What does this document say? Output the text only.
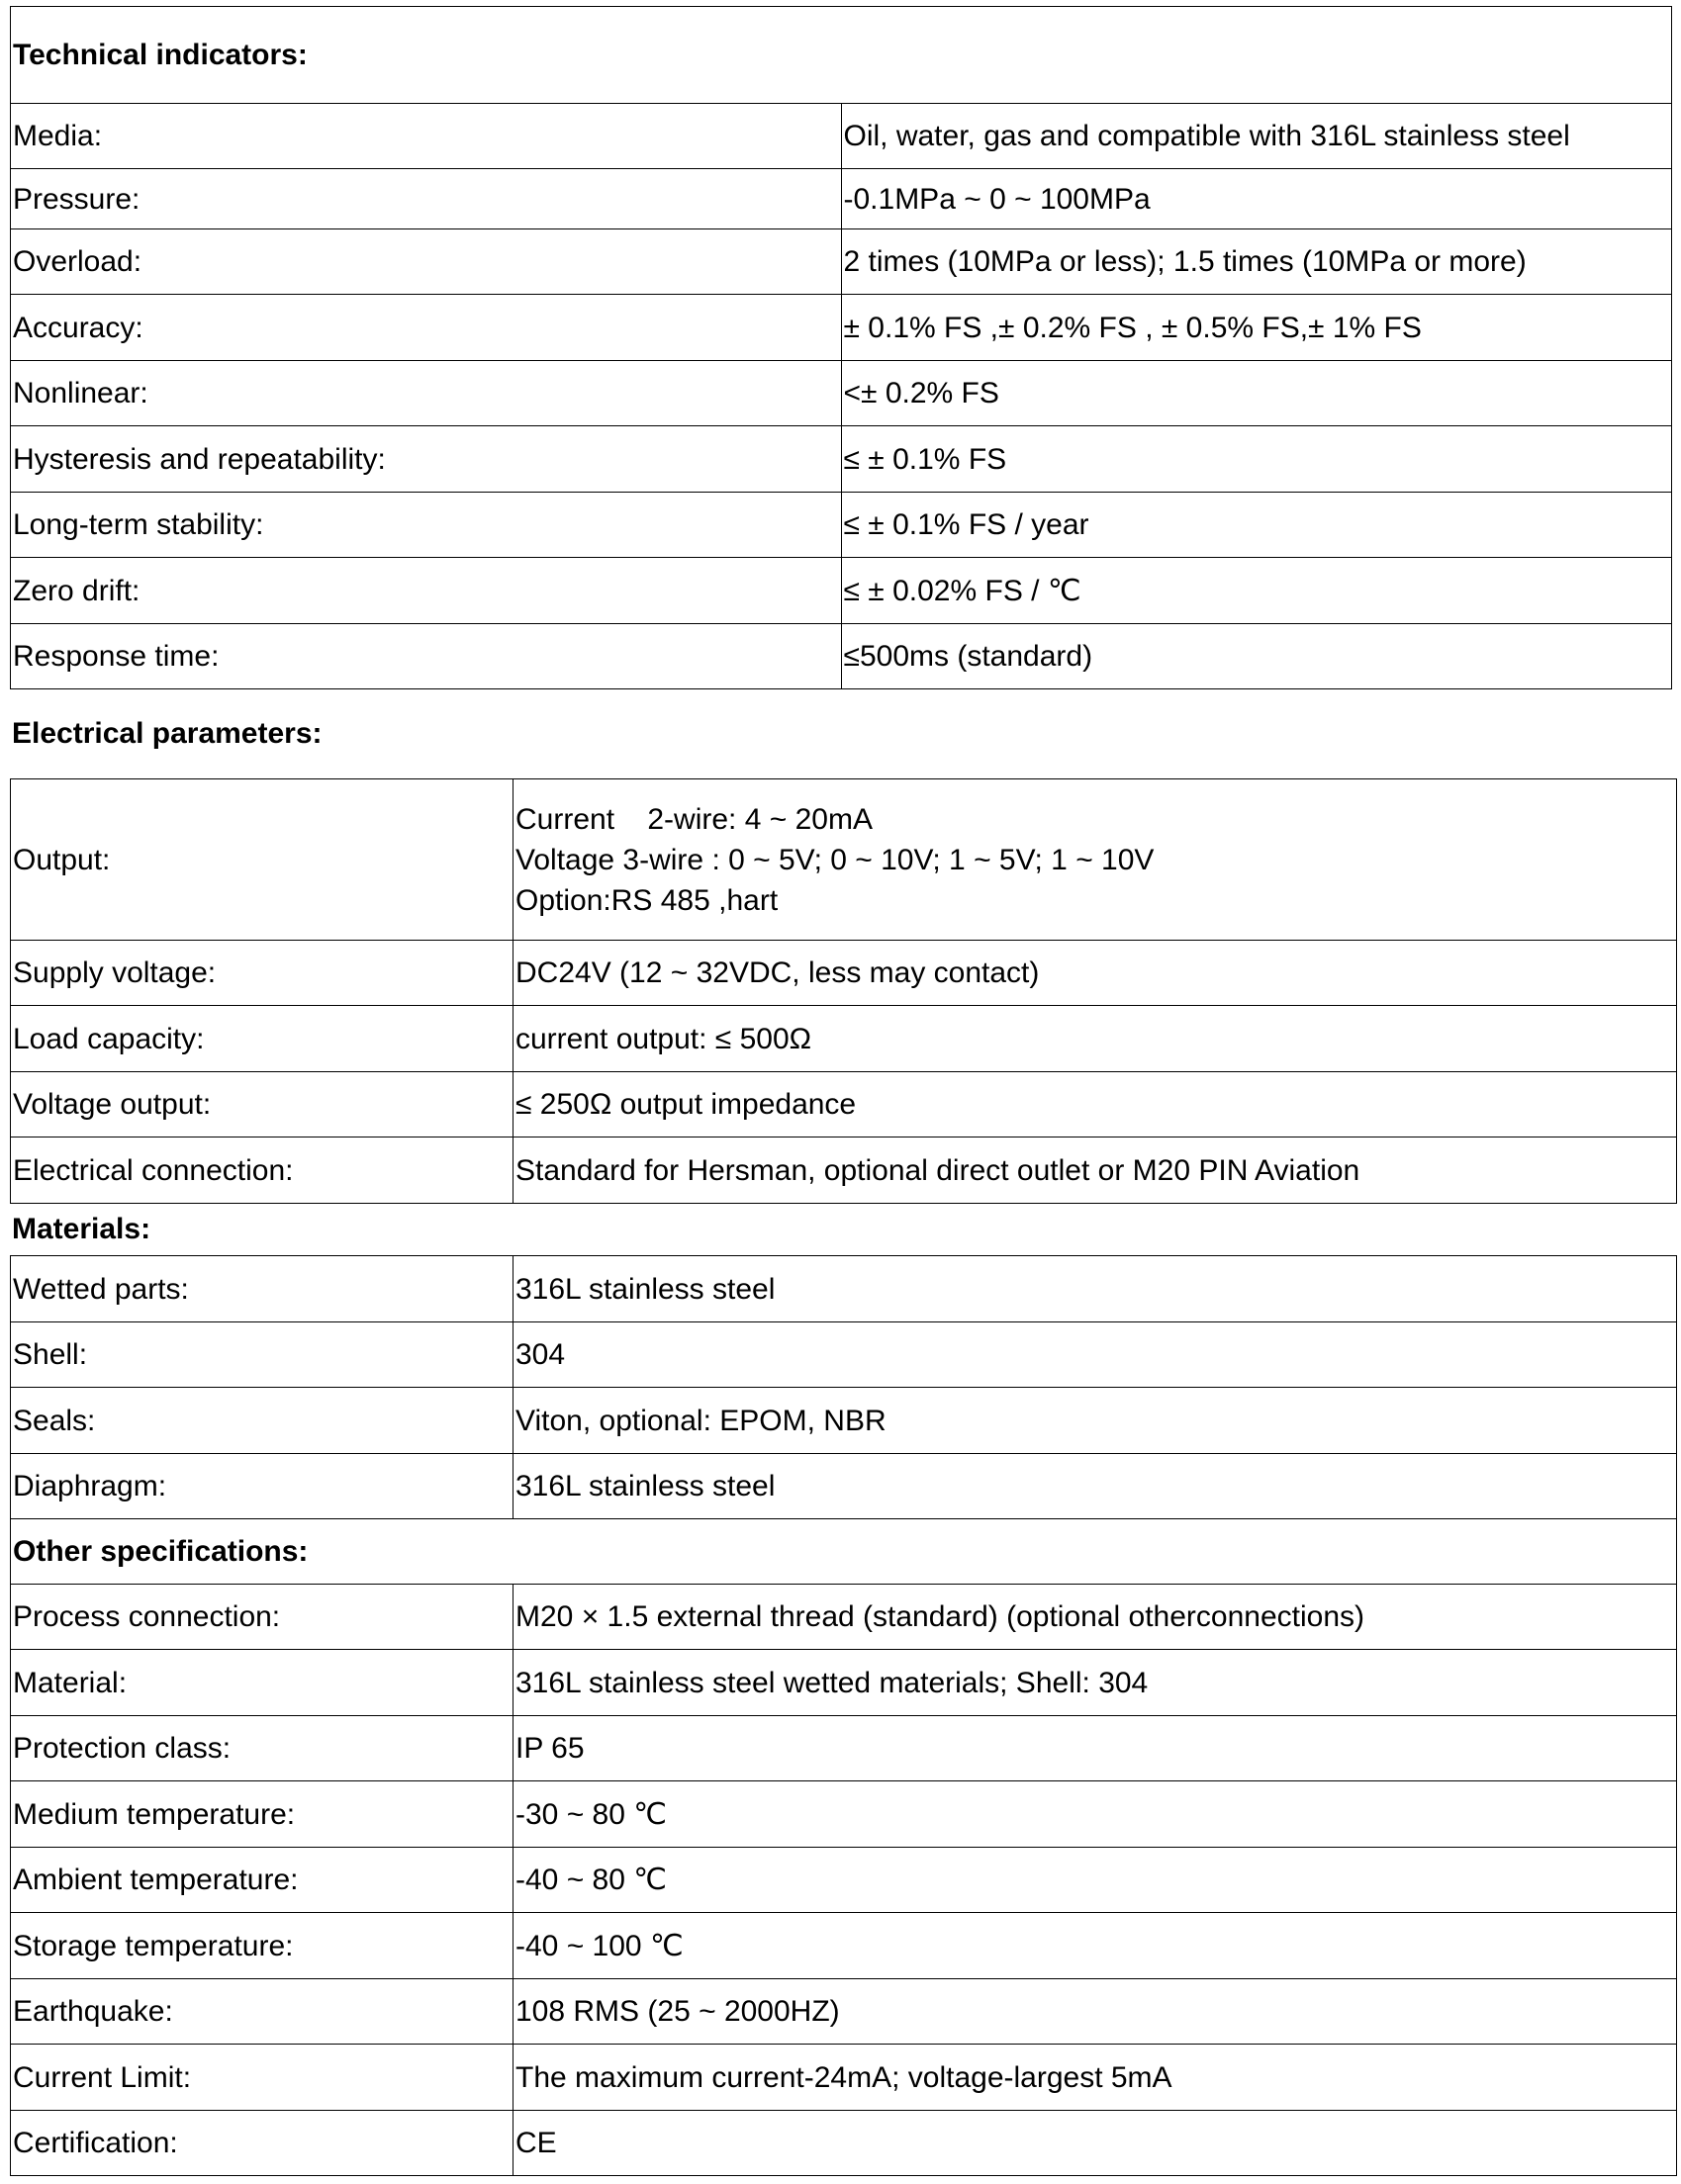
Technical indicators:	
Media:	Oil, water, gas and compatible with 316L stainless steel
Pressure:	-0.1MPa ~ 0 ~ 100MPa
Overload:	2 times (10MPa or less); 1.5 times (10MPa or more)
Accuracy:	± 0.1% FS ,± 0.2% FS , ± 0.5% FS,± 1% FS
Nonlinear:	<± 0.2% FS
Hysteresis and repeatability:	≤ ± 0.1% FS
Long-term stability:	≤ ± 0.1% FS / year
Zero drift:	≤ ± 0.02% FS / ℃
Response time:	≤500ms (standard)
Electrical parameters:
Output:	Current    2-wire: 4 ~ 20mA
Voltage 3-wire : 0 ~ 5V; 0 ~ 10V; 1 ~ 5V; 1 ~ 10V
Option:RS 485 ,hart

Supply voltage:	DC24V (12 ~ 32VDC, less may contact)
Load capacity:	current output: ≤ 500Ω
Voltage output:	≤ 250Ω output impedance
Electrical connection:	Standard for Hersman, optional direct outlet or M20 PIN Aviation
Materials:
Wetted parts:	316L stainless steel
Shell:	304
Seals:	Viton, optional: EPOM, NBR
Diaphragm:	316L stainless steel
Other specifications:	
Process connection:	M20 × 1.5 external thread (standard) (optional otherconnections)
Material:	316L stainless steel wetted materials; Shell: 304
Protection class:	IP 65
Medium temperature:	-30 ~ 80 ℃
Ambient temperature:	-40 ~ 80 ℃
Storage temperature:	-40 ~ 100 ℃
Earthquake:	108 RMS (25 ~ 2000HZ)
Current Limit:	The maximum current-24mA; voltage-largest 5mA
Certification:	CE
